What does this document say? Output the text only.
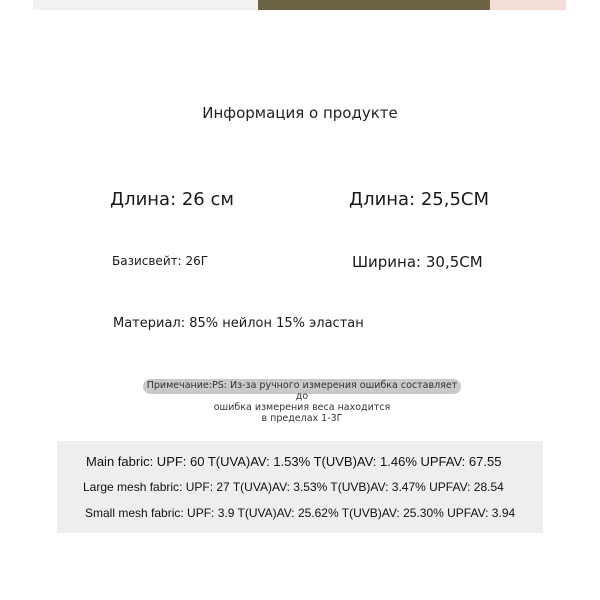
Информация о продукте
Длина: 26 см	Длина: 25,5СМ
Базисвейт: 26Г	Ширина: 30,5СМ
Материал: 85% нейлон 15% эластан
Примечание:PS: Из-за ручного измерения ошибка составляет до
ошибка измерения веса находится
в пределах 1-3Г
Main fabric: UPF: 60 T(UVA)AV: 1.53% T(UVB)AV: 1.46% UPFAV: 67.55
Large mesh fabric: UPF: 27 T(UVA)AV: 3.53% T(UVB)AV: 3.47% UPFAV: 28.54
Small mesh fabric: UPF: 3.9 T(UVA)AV: 25.62% T(UVB)AV: 25.30% UPFAV: 3.94
